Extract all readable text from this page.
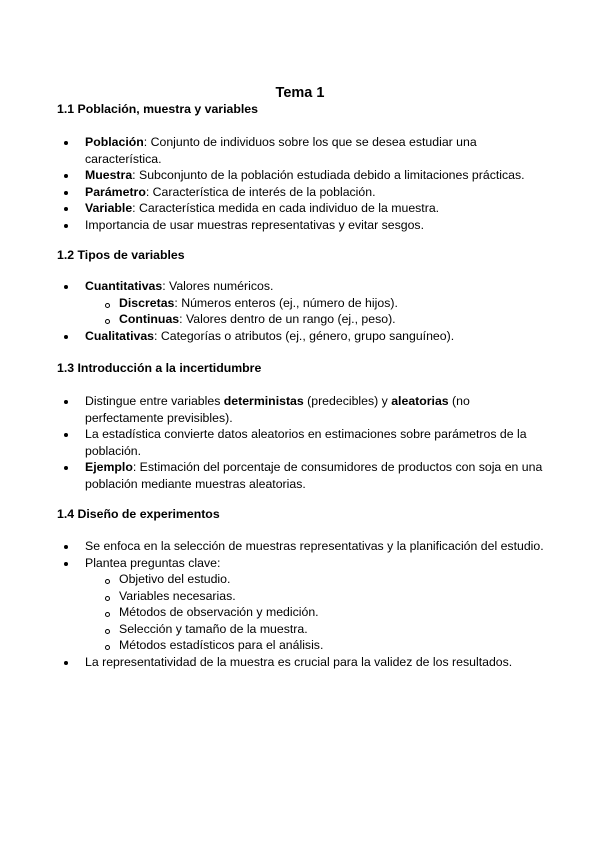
Tema 1
1.1 Población, muestra y variables
Población: Conjunto de individuos sobre los que se desea estudiar una característica.
Muestra: Subconjunto de la población estudiada debido a limitaciones prácticas.
Parámetro: Característica de interés de la población.
Variable: Característica medida en cada individuo de la muestra.
Importancia de usar muestras representativas y evitar sesgos.
1.2 Tipos de variables
Cuantitativas: Valores numéricos.
Discretas: Números enteros (ej., número de hijos).
Continuas: Valores dentro de un rango (ej., peso).
Cualitativas: Categorías o atributos (ej., género, grupo sanguíneo).
1.3 Introducción a la incertidumbre
Distingue entre variables deterministas (predecibles) y aleatorias (no perfectamente previsibles).
La estadística convierte datos aleatorios en estimaciones sobre parámetros de la población.
Ejemplo: Estimación del porcentaje de consumidores de productos con soja en una población mediante muestras aleatorias.
1.4 Diseño de experimentos
Se enfoca en la selección de muestras representativas y la planificación del estudio.
Plantea preguntas clave:
Objetivo del estudio.
Variables necesarias.
Métodos de observación y medición.
Selección y tamaño de la muestra.
Métodos estadísticos para el análisis.
La representatividad de la muestra es crucial para la validez de los resultados.
